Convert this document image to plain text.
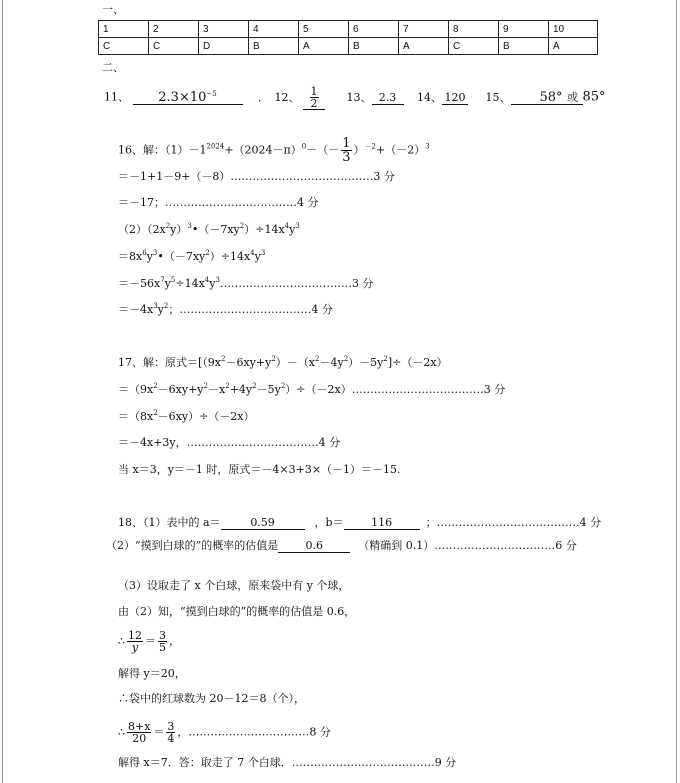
一、
1	2	3	4	5	6	7	8	9	10
C	C	D	B	A	B	A	C	B	A
二、
11、 $2.3\times 10^{-5}$	． 12、 $\frac{1}{2}$	13、 2.3 14、 120 15、 58° 或 85°
16、解：$(1)-1^{2024}+(2024-\pi)^0-(- \frac{1}{3} )^{-2}+(-2)^3$
＝－1+1－9+（－8）…………………………………3 分
＝－17；………………………………4 分
$(2)(2x^2y)^3•(-7xy^2)\div 14x^4y^3$
$=8x^6y^3•(-7xy^2)\div 14x^4y^3$
$=-56x^7y^5\div 14x^4y^3\dots\dots\dots\dots\dots\dots\dots\dots\dots\dots\dots\dots 3$ 分
$=-4x^3y^2$；………………………………4 分
17、解：原式$=[(9x^2-6xy+y^2)-(x^2-4y^2)-5y^2]\div(-2x)$
$=(9x^2-6xy+y^2-x^2+4y^2-5y^2)\div(-2x)\dots\dots\dots\dots\dots\dots\dots\dots\dots\dots\dots\dots 3$ 分
$=(8x^2-6xy)\div(-2x)$
＝－4x+3y，………………………………4 分
当 x＝3，y＝－1 时，原式＝－4×3+3×（－1）＝－15.
18、（1）表中的 a＝	0.59	，b＝	116	；…………………………………4 分
（2）“摸到白球的”的概率的估值是 0.6	（精确到 0.1）……………………………6 分
（3）设取走了 x 个白球，原来袋中有 y 个球，
由（2）知，“摸到白球的”的概率的估值是 0.6，
∴ $\frac{12}{y} = \frac{3}{5}$ ，
解得 y＝20，
∴袋中的红球数为 20－12＝8（个），
∴ $\frac{8+x}{20} = \frac{3}{4}$ ，……………………………8 分
解得 x＝7．答：取走了 7 个白球．…………………………………9 分
